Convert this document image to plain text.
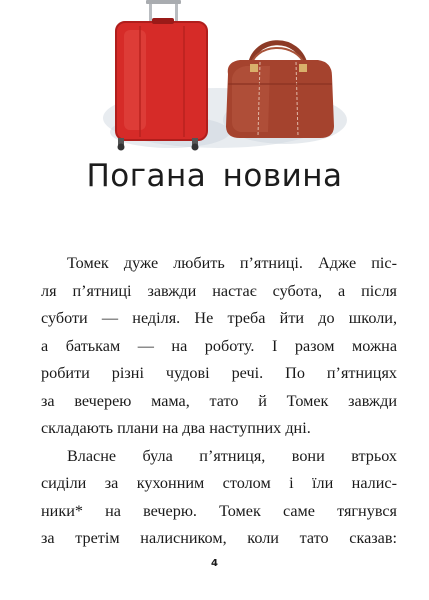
Погана новина
Томек дуже любить п’ятниці. Адже піс-
ля п’ятниці завжди настає субота, а після
суботи — неділя. Не треба йти до школи,
а батькам — на роботу. І разом можна
робити різні чудові речі. По п’ятницях
за вечерею мама, тато й Томек завжди
складають плани на два наступних дні.
Власне була п’ятниця, вони втрьох
сиділи за кухонним столом і їли налис-
ники* на вечерю. Томек саме тягнувся
за третім налисником, коли тато сказав:
4
